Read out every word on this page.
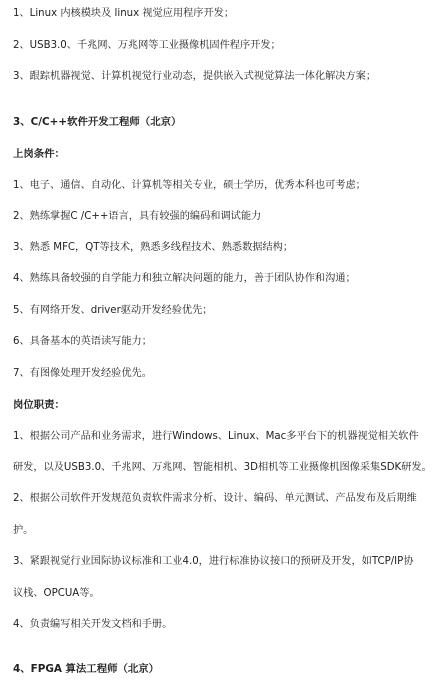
1、Linux 内核模块及 linux 视觉应用程序开发；
2、USB3.0、千兆网、万兆网等工业摄像机固件程序开发；
3、跟踪机器视觉、计算机视觉行业动态，提供嵌入式视觉算法一体化解决方案；
3、C/C++软件开发工程师（北京）
上岗条件：
1、电子、通信、自动化、计算机等相关专业，硕士学历，优秀本科也可考虑；
2、熟练掌握C /C++语言，具有较强的编码和调试能力
3、熟悉 MFC，QT等技术，熟悉多线程技术、熟悉数据结构；
4、熟练具备较强的自学能力和独立解决问题的能力，善于团队协作和沟通；
5、有网络开发、driver驱动开发经验优先；
6、具备基本的英语读写能力；
7、有图像处理开发经验优先。
岗位职责：
1、根据公司产品和业务需求，进行Windows、Linux、Mac多平台下的机器视觉相关软件
研发，以及USB3.0、千兆网、万兆网、智能相机、3D相机等工业摄像机图像采集SDK研发。
2、根据公司软件开发规范负责软件需求分析、设计、编码、单元测试、产品发布及后期维
护。
3、紧跟视觉行业国际协议标准和工业4.0，进行标准协议接口的预研及开发，如TCP/IP协
议栈、OPCUA等。
4、负责编写相关开发文档和手册。
4、FPGA 算法工程师（北京）
